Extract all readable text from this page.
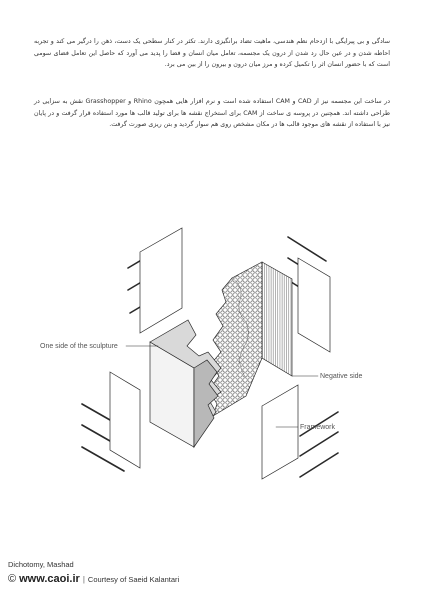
سادگی و بی پیرایگی با ازدحام نظم هندسی، ماهیت تضاد برانگیزی دارند. تکثر در کنار سطحی یک دست، ذهن را درگیر می کند و تجربه احاطه شدن و در عین حال رد شدن از درون یک مجسمه، تعامل میان انسان و فضا را پدید می آورد که حاصل این تعامل فضای سومی است که با حضور انسان اثر را تکمیل کرده و مرز میان درون و بیرون را از بین می برد.
در ساخت این مجسمه نیز از CAD و CAM استفاده شده است و نرم افزار هایی همچون Rhino و Grasshopper نقش به سزایی در طراحی داشته اند. همچنین در پروسه ی ساخت از CAM برای استخراج نقشه ها برای تولید قالب ها مورد استفاده قرار گرفت و در پایان نیز با استفاده از نقشه های موجود قالب ها در مکان مشخص روی هم سوار گردید و بتن ریزی صورت گرفت.
One side of the sculpture
Negative side
Framework
Dichotomy, Mashad
© www.caoi.ir | Courtesy of Saeid Kalantari
